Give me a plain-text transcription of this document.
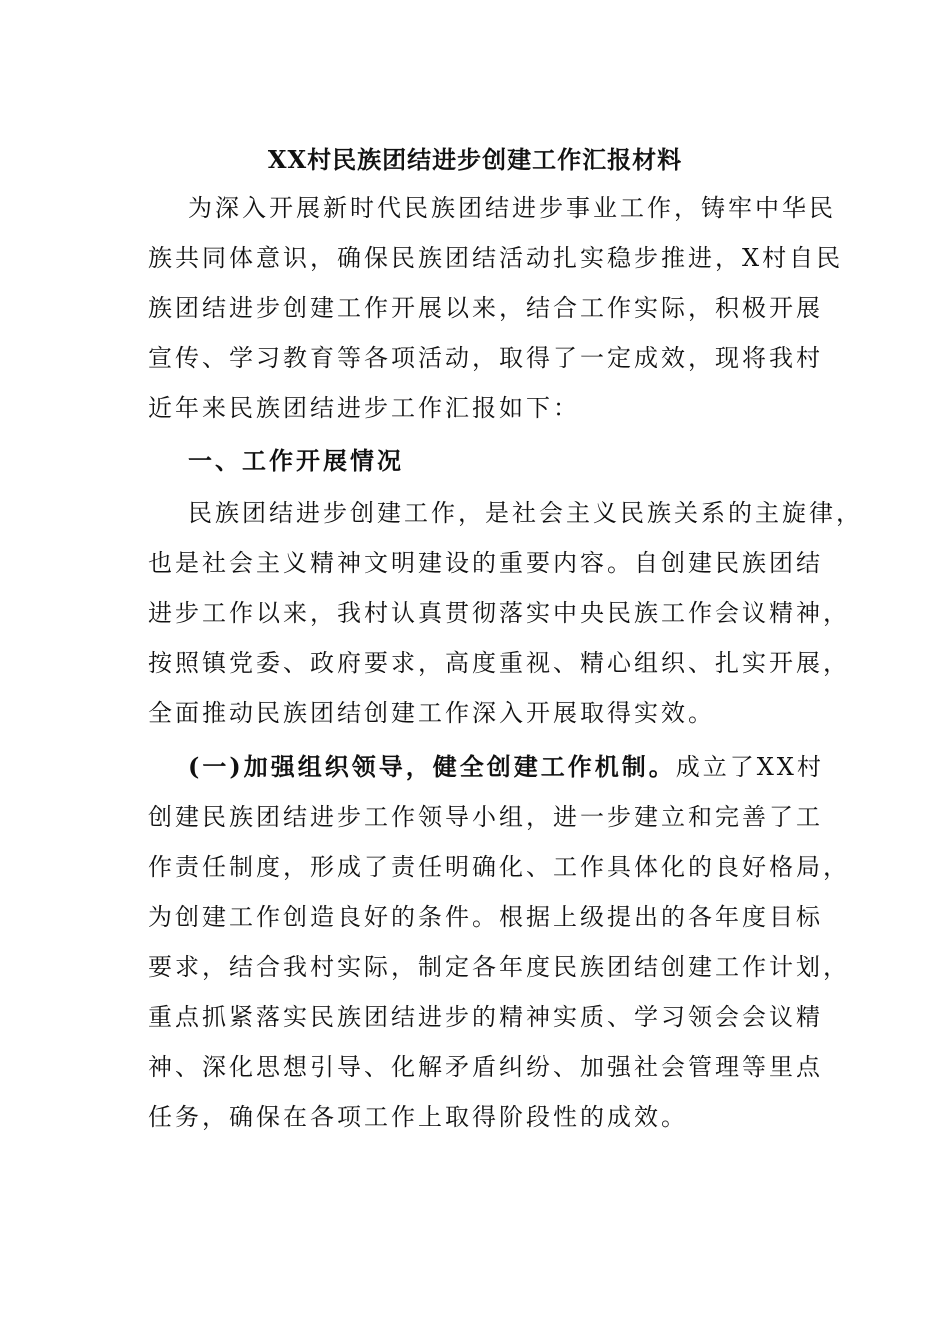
XX村民族团结进步创建工作汇报材料
为深入开展新时代民族团结进步事业工作，铸牢中华民
族共同体意识，确保民族团结活动扎实稳步推进，X村自民
族团结进步创建工作开展以来，结合工作实际，积极开展
宣传、学习教育等各项活动，取得了一定成效，现将我村
近年来民族团结进步工作汇报如下：
一、工作开展情况
民族团结进步创建工作，是社会主义民族关系的主旋律，
也是社会主义精神文明建设的重要内容。自创建民族团结
进步工作以来，我村认真贯彻落实中央民族工作会议精神，
按照镇党委、政府要求，高度重视、精心组织、扎实开展，
全面推动民族团结创建工作深入开展取得实效。
(一)加强组织领导，健全创建工作机制。成立了XX村
创建民族团结进步工作领导小组，进一步建立和完善了工
作责任制度，形成了责任明确化、工作具体化的良好格局，
为创建工作创造良好的条件。根据上级提出的各年度目标
要求，结合我村实际，制定各年度民族团结创建工作计划，
重点抓紧落实民族团结进步的精神实质、学习领会会议精
神、深化思想引导、化解矛盾纠纷、加强社会管理等里点
任务，确保在各项工作上取得阶段性的成效。
